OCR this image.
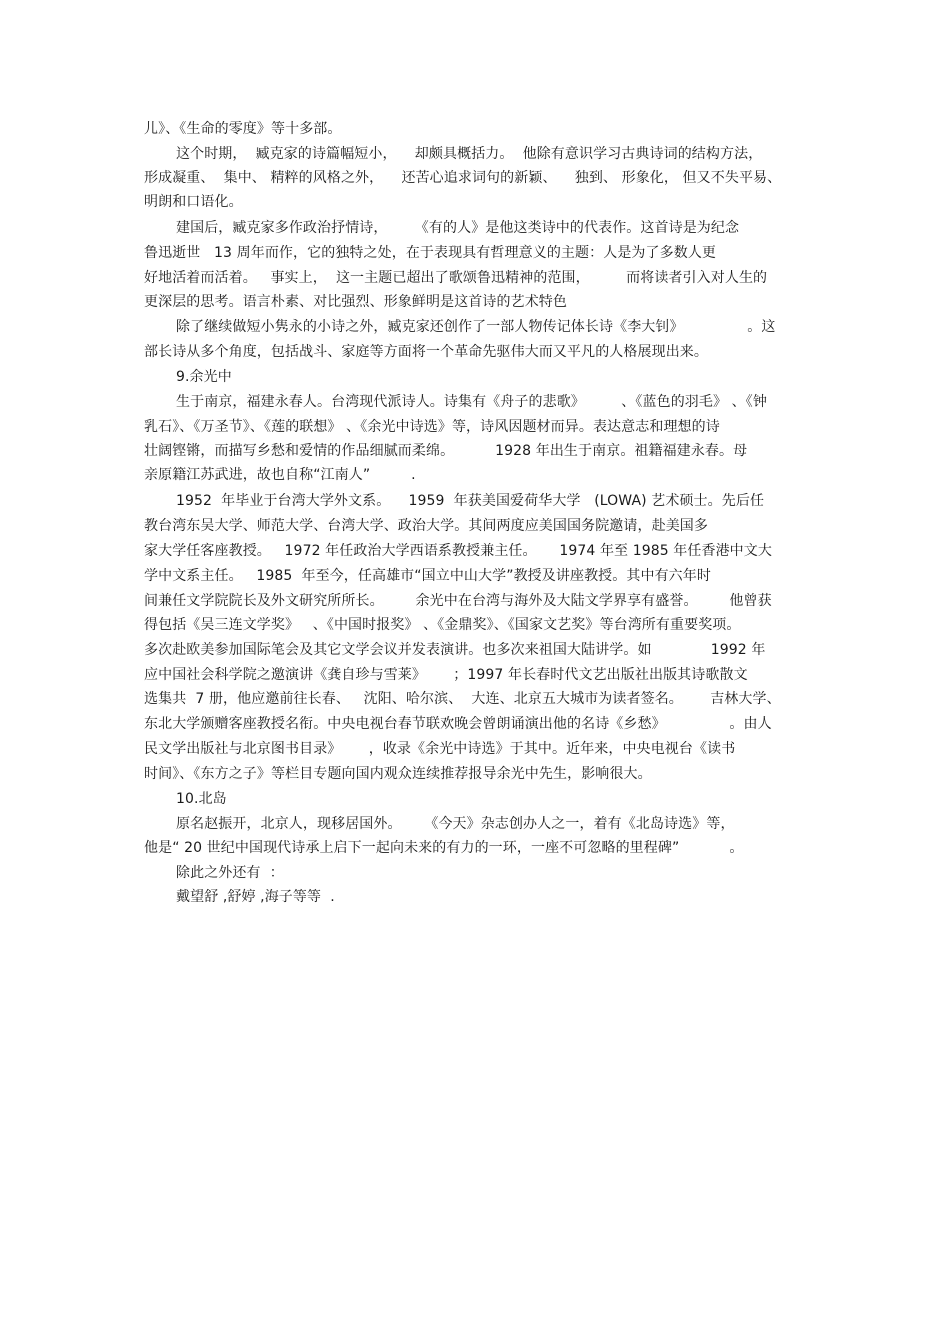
儿》、《生命的零度》等十多部。
这个时期，  臧克家的诗篇幅短小，    却颇具概括力。  他除有意识学习古典诗词的结构方法，
形成凝重、  集中、 精粹的风格之外，    还苦心追求词句的新颖、    独到、 形象化， 但又不失平易、
明朗和口语化。
建国后，臧克家多作政治抒情诗，      《有的人》是他这类诗中的代表作。这首诗是为纪念
鲁迅逝世   13 周年而作，它的独特之处，在于表现具有哲理意义的主题：人是为了多数人更
好地活着而活着。   事实上，  这一主题已超出了歌颂鲁迅精神的范围，        而将读者引入对人生的
更深层的思考。语言朴素、对比强烈、形象鲜明是这首诗的艺术特色
除了继续做短小隽永的小诗之外，臧克家还创作了一部人物传记体长诗《李大钊》              。这
部长诗从多个角度，包括战斗、家庭等方面将一个革命先驱伟大而又平凡的人格展现出来。
9.余光中
生于南京，福建永春人。台湾现代派诗人。诗集有《舟子的悲歌》        、《蓝色的羽毛》 、《钟
乳石》、《万圣节》、《莲的联想》 、《余光中诗选》等，诗风因题材而异。表达意志和理想的诗
壮阔铿锵，而描写乡愁和爱情的作品细腻而柔绵。         1928 年出生于南京。祖籍福建永春。母
亲原籍江苏武进，故也自称“江南人”         .
1952  年毕业于台湾大学外文系。    1959  年获美国爱荷华大学   (LOWA) 艺术硕士。先后任
教台湾东吴大学、师范大学、台湾大学、政治大学。其间两度应美国国务院邀请，赴美国多
家大学任客座教授。   1972 年任政治大学西语系教授兼主任。     1974 年至 1985 年任香港中文大
学中文系主任。   1985  年至今，任高雄市“国立中山大学”教授及讲座教授。其中有六年时
间兼任文学院院长及外文研究所所长。       余光中在台湾与海外及大陆文学界享有盛誉。       他曾获
得包括《吴三连文学奖》   、《中国时报奖》 、《金鼎奖》、《国家文艺奖》等台湾所有重要奖项。
多次赴欧美参加国际笔会及其它文学会议并发表演讲。也多次来祖国大陆讲学。如             1992 年
应中国社会科学院之邀演讲《龚自珍与雪莱》      ；1997 年长春时代文艺出版社出版其诗歌散文
选集共  7 册，他应邀前往长春、   沈阳、哈尔滨、  大连、北京五大城市为读者签名。      吉林大学、
东北大学颁赠客座教授名衔。中央电视台春节联欢晚会曾朗诵演出他的名诗《乡愁》              。由人
民文学出版社与北京图书目录》      ，收录《余光中诗选》于其中。近年来，中央电视台《读书
时间》、《东方之子》等栏目专题向国内观众连续推荐报导余光中先生，影响很大。
10.北岛
原名赵振开，北京人，现移居国外。     《今天》杂志创办人之一，着有《北岛诗选》等，
他是“ 20 世纪中国现代诗承上启下一起向未来的有力的一环，一座不可忽略的里程碑”           。
除此之外还有  ：
戴望舒 ,舒婷 ,海子等等  .
